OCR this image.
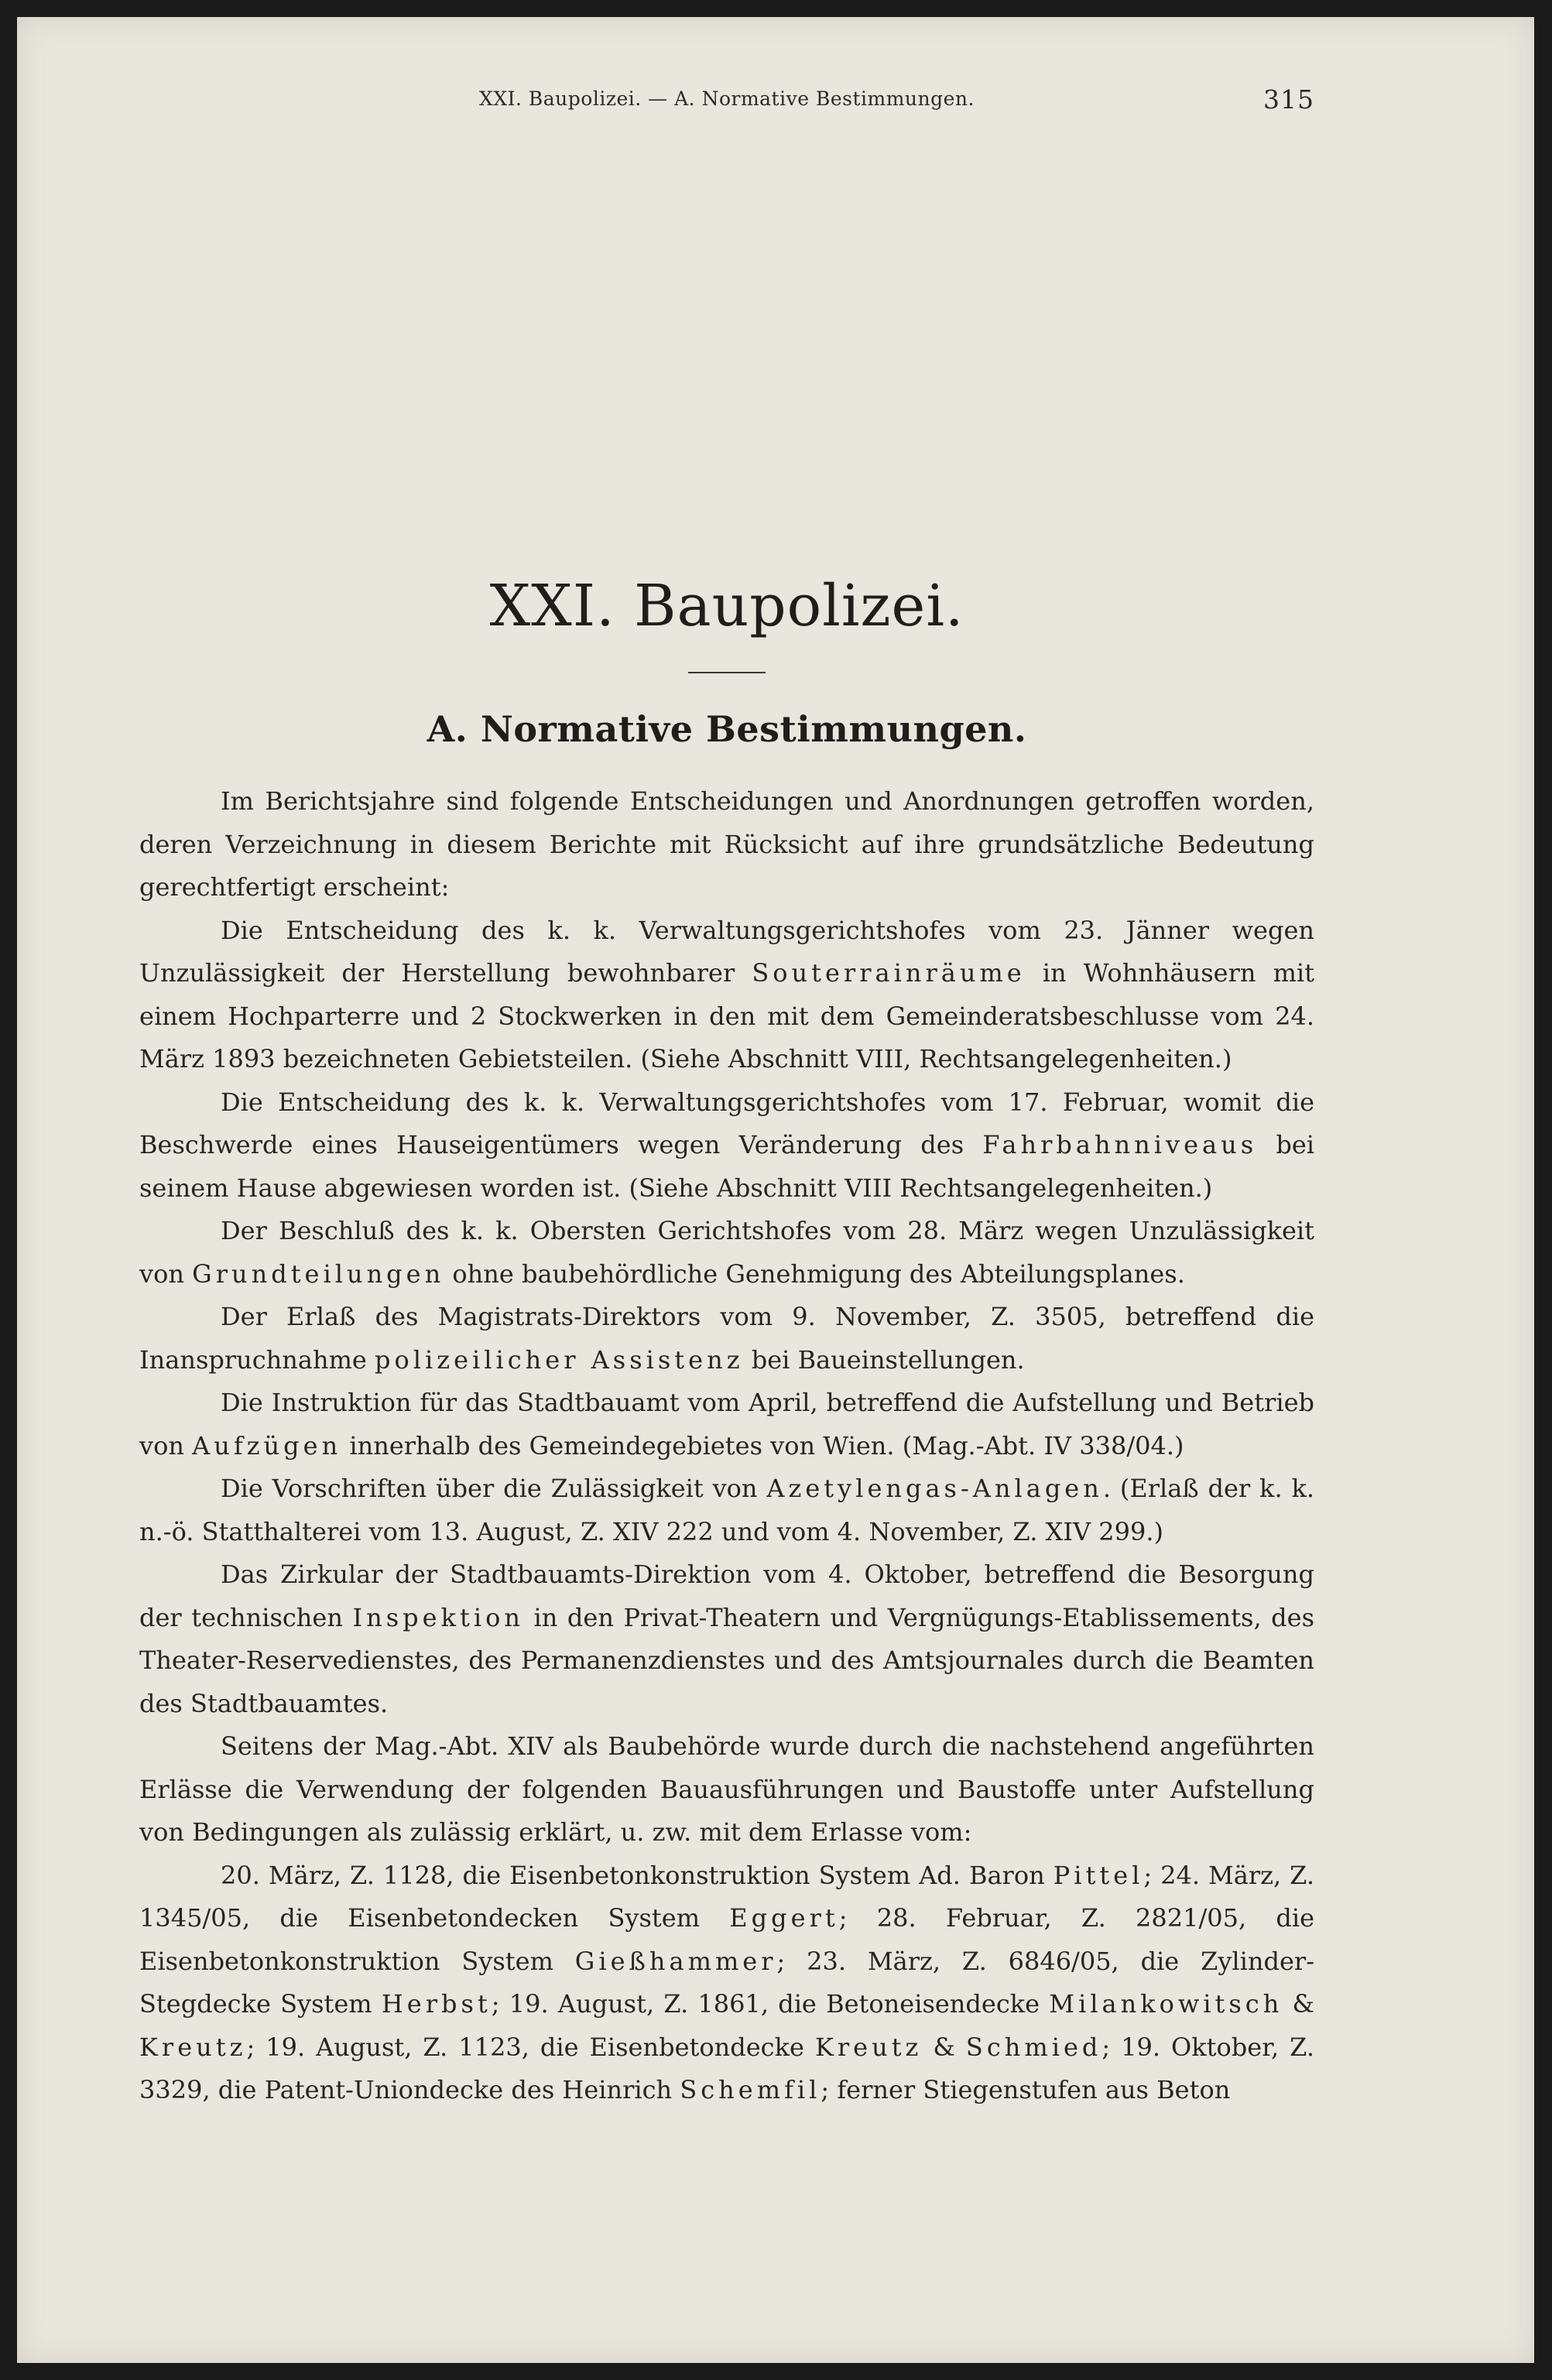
XXI. Baupolizei. — A. Normative Bestimmungen.	315
XXI. Baupolizei.
A. Normative Bestimmungen.

Im Berichtsjahre sind folgende Entscheidungen und Anordnungen getroffen worden, deren Verzeichnung in diesem Berichte mit Rücksicht auf ihre grundsätzliche Bedeutung gerechtfertigt erscheint:

Die Entscheidung des k. k. Verwaltungsgerichtshofes vom 23. Jänner wegen Unzulässigkeit der Herstellung bewohnbarer Souterrainräume in Wohnhäusern mit einem Hochparterre und 2 Stockwerken in den mit dem Gemeinderatsbeschlusse vom 24. März 1893 bezeichneten Gebietsteilen. (Siehe Abschnitt VIII, Rechtsangelegenheiten.)

Die Entscheidung des k. k. Verwaltungsgerichtshofes vom 17. Februar, womit die Beschwerde eines Hauseigentümers wegen Veränderung des Fahrbahnniveaus bei seinem Hause abgewiesen worden ist. (Siehe Abschnitt VIII Rechtsangelegenheiten.)

Der Beschluß des k. k. Obersten Gerichtshofes vom 28. März wegen Unzulässigkeit von Grundteilungen ohne baubehördliche Genehmigung des Abteilungsplanes.

Der Erlaß des Magistrats-Direktors vom 9. November, Z. 3505, betreffend die Inanspruchnahme polizeilicher Assistenz bei Baueinstellungen.

Die Instruktion für das Stadtbauamt vom April, betreffend die Aufstellung und Betrieb von Aufzügen innerhalb des Gemeindegebietes von Wien. (Mag.-Abt. IV 338/04.)

Die Vorschriften über die Zulässigkeit von Azetylengas-Anlagen. (Erlaß der k. k. n.-ö. Statthalterei vom 13. August, Z. XIV 222 und vom 4. November, Z. XIV 299.)

Das Zirkular der Stadtbauamts-Direktion vom 4. Oktober, betreffend die Besorgung der technischen Inspektion in den Privat-Theatern und Vergnügungs-Etablissements, des Theater-Reservedienstes, des Permanenzdienstes und des Amtsjournales durch die Beamten des Stadtbauamtes.

Seitens der Mag.-Abt. XIV als Baubehörde wurde durch die nachstehend angeführten Erlässe die Verwendung der folgenden Bauausführungen und Baustoffe unter Aufstellung von Bedingungen als zulässig erklärt, u. zw. mit dem Erlasse vom:

20. März, Z. 1128, die Eisenbetonkonstruktion System Ad. Baron Pittel; 24. März, Z. 1345/05, die Eisenbetondecken System Eggert; 28. Februar, Z. 2821/05, die Eisenbetonkonstruktion System Gießhammer; 23. März, Z. 6846/05, die Zylinder-Stegdecke System Herbst; 19. August, Z. 1861, die Betoneisendecke Milankowitsch & Kreutz; 19. August, Z. 1123, die Eisenbetondecke Kreutz & Schmied; 19. Oktober, Z. 3329, die Patent-Uniondecke des Heinrich Schemfil; ferner Stiegenstufen aus Beton
